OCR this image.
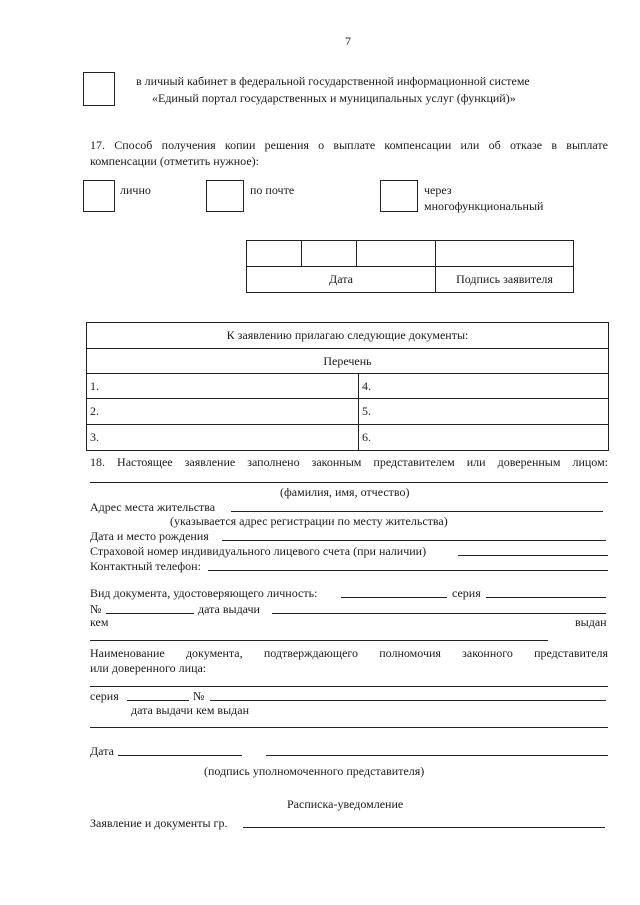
7
в личный кабинет в федеральной государственной информационной системе
«Единый портал государственных и муниципальных услуг (функций)»
17. Способ получения копии решения о выплате компенсации или об отказе в выплате
компенсации (отметить нужное):
лично	по почте	через
многофункциональный

Дата			Подпись заявителя
К заявлению прилагаю следующие документы:	
Перечень	
1.	4.
2.	5.
3.	6.
18. Настоящее заявление заполнено законным представителем или доверенным лицом:
(фамилия, имя, отчество)
Адрес места жительства
(указывается адрес регистрации по месту жительства)
Дата и место рождения
Страховой номер индивидуального лицевого счета (при наличии)
Контактный телефон:
Вид документа, удостоверяющего личность:	серия
№	дата выдачи
кем	выдан
Наименование документа, подтверждающего полномочия законного представителя
или доверенного лица:
серия	№
дата выдачи кем выдан
Дата
(подпись уполномоченного представителя)
Расписка-уведомление
Заявление и документы гр.
